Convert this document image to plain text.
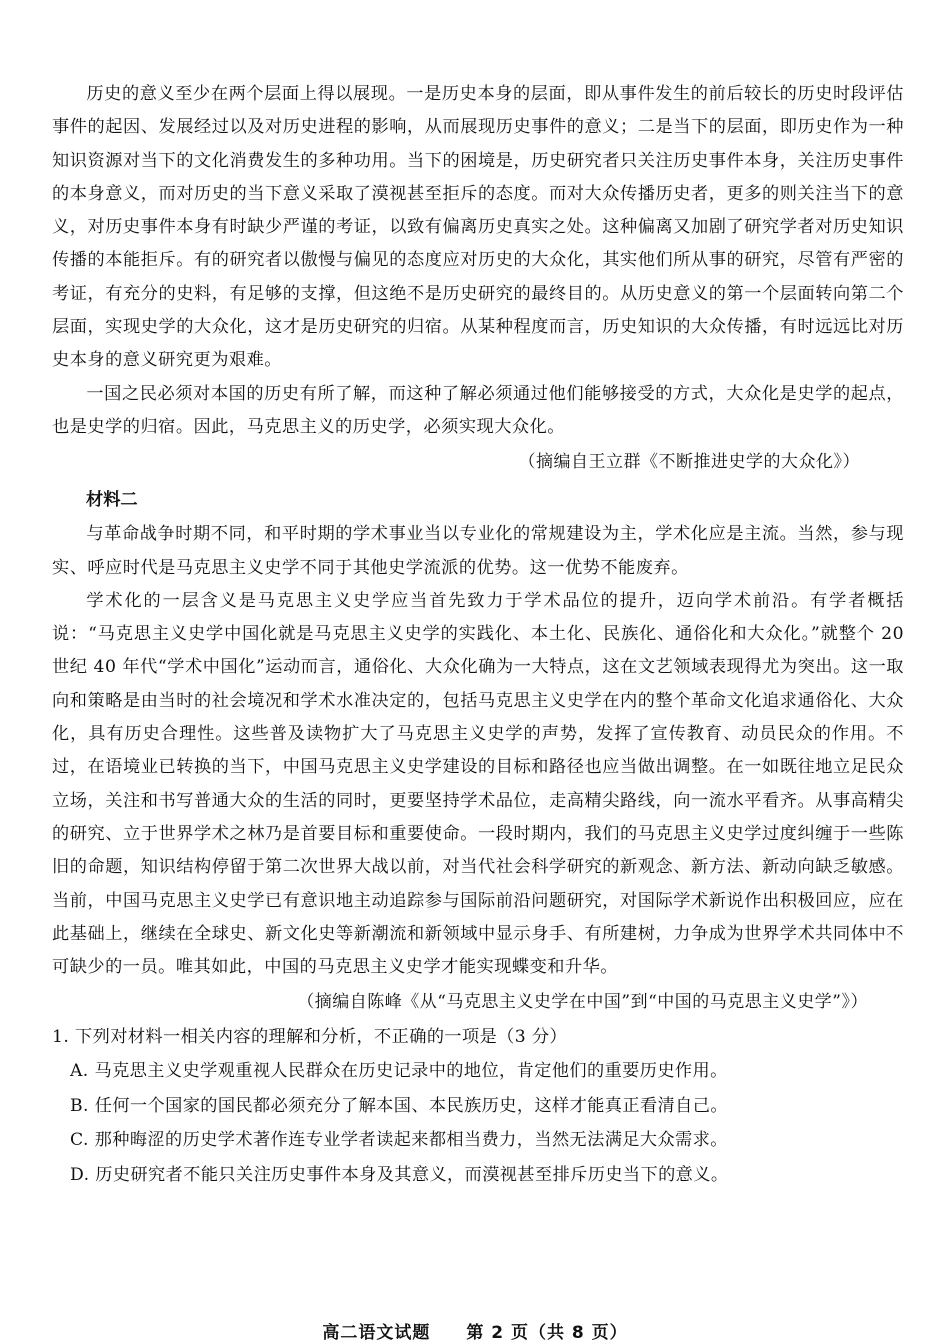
历史的意义至少在两个层面上得以展现。一是历史本身的层面，即从事件发生的前后较长的历史时段评估事件的起因、发展经过以及对历史进程的影响，从而展现历史事件的意义；二是当下的层面，即历史作为一种知识资源对当下的文化消费发生的多种功用。当下的困境是，历史研究者只关注历史事件本身，关注历史事件的本身意义，而对历史的当下意义采取了漠视甚至拒斥的态度。而对大众传播历史者，更多的则关注当下的意义，对历史事件本身有时缺少严谨的考证，以致有偏离历史真实之处。这种偏离又加剧了研究学者对历史知识传播的本能拒斥。有的研究者以傲慢与偏见的态度应对历史的大众化，其实他们所从事的研究，尽管有严密的考证，有充分的史料，有足够的支撑，但这绝不是历史研究的最终目的。从历史意义的第一个层面转向第二个层面，实现史学的大众化，这才是历史研究的归宿。从某种程度而言，历史知识的大众传播，有时远远比对历史本身的意义研究更为艰难。

一国之民必须对本国的历史有所了解，而这种了解必须通过他们能够接受的方式，大众化是史学的起点，也是史学的归宿。因此，马克思主义的历史学，必须实现大众化。

（摘编自王立群《不断推进史学的大众化》）

材料二

与革命战争时期不同，和平时期的学术事业当以专业化的常规建设为主，学术化应是主流。当然，参与现实、呼应时代是马克思主义史学不同于其他史学流派的优势。这一优势不能废弃。

学术化的一层含义是马克思主义史学应当首先致力于学术品位的提升，迈向学术前沿。有学者概括说：“马克思主义史学中国化就是马克思主义史学的实践化、本土化、民族化、通俗化和大众化。”就整个 20 世纪 40 年代“学术中国化”运动而言，通俗化、大众化确为一大特点，这在文艺领域表现得尤为突出。这一取向和策略是由当时的社会境况和学术水准决定的，包括马克思主义史学在内的整个革命文化追求通俗化、大众化，具有历史合理性。这些普及读物扩大了马克思主义史学的声势，发挥了宣传教育、动员民众的作用。不过，在语境业已转换的当下，中国马克思主义史学建设的目标和路径也应当做出调整。在一如既往地立足民众立场，关注和书写普通大众的生活的同时，更要坚持学术品位，走高精尖路线，向一流水平看齐。从事高精尖的研究、立于世界学术之林乃是首要目标和重要使命。一段时期内，我们的马克思主义史学过度纠缠于一些陈旧的命题，知识结构停留于第二次世界大战以前，对当代社会科学研究的新观念、新方法、新动向缺乏敏感。当前，中国马克思主义史学已有意识地主动追踪参与国际前沿问题研究，对国际学术新说作出积极回应，应在此基础上，继续在全球史、新文化史等新潮流和新领域中显示身手、有所建树，力争成为世界学术共同体中不可缺少的一员。唯其如此，中国的马克思主义史学才能实现蝶变和升华。

（摘编自陈峰《从“马克思主义史学在中国”到“中国的马克思主义史学”》）

1. 下列对材料一相关内容的理解和分析，不正确的一项是（3 分）

A. 马克思主义史学观重视人民群众在历史记录中的地位，肯定他们的重要历史作用。

B. 任何一个国家的国民都必须充分了解本国、本民族历史，这样才能真正看清自己。

C. 那种晦涩的历史学术著作连专业学者读起来都相当费力，当然无法满足大众需求。

D. 历史研究者不能只关注历史事件本身及其意义，而漠视甚至排斥历史当下的意义。

高二语文试题　　第 2 页（共 8 页）
